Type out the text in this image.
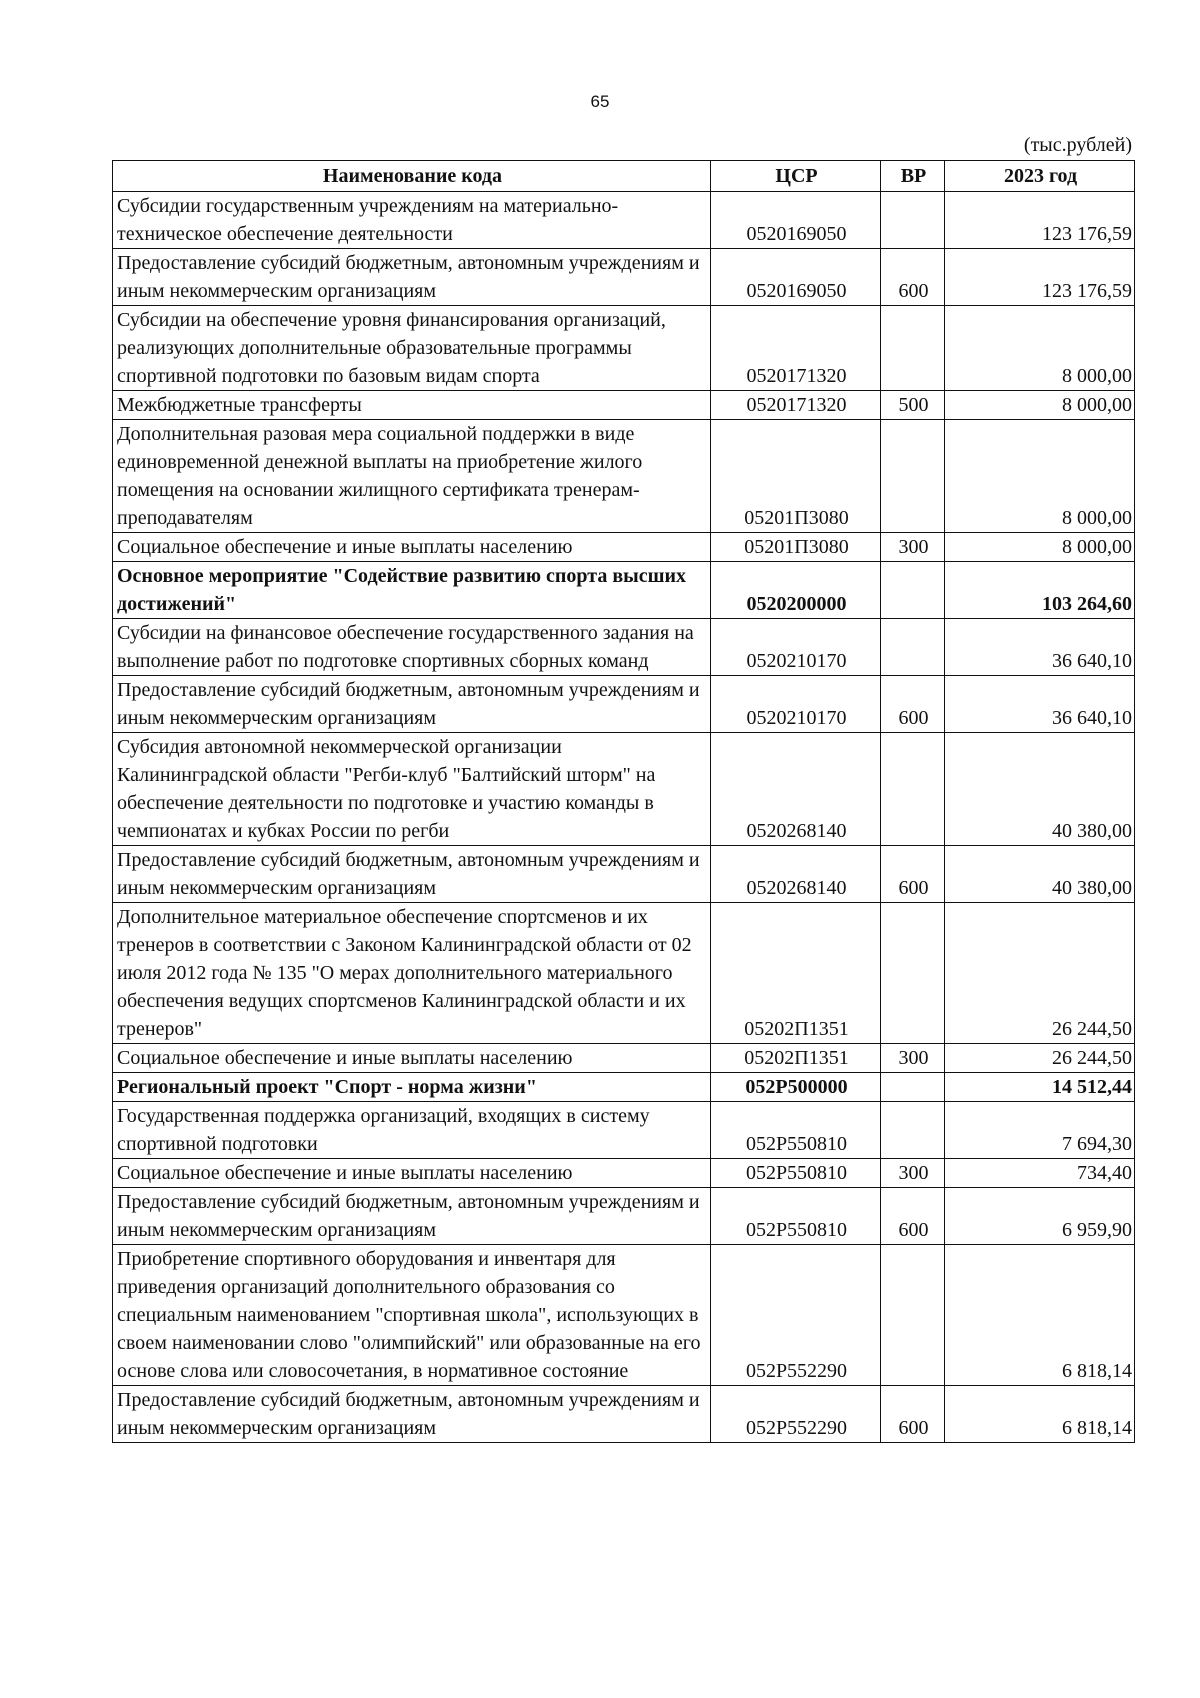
65
(тыс.рублей)
Наименование кода	ЦСР	ВР	2023 год
Субсидии государственным учреждениям на материально-техническое обеспечение деятельности	0520169050		123 176,59
Предоставление субсидий бюджетным, автономным учреждениям и иным некоммерческим организациям	0520169050	600	123 176,59
Субсидии на обеспечение уровня финансирования организаций, реализующих дополнительные образовательные программы спортивной подготовки по базовым видам спорта	0520171320		8 000,00
Межбюджетные трансферты	0520171320	500	8 000,00
Дополнительная разовая мера социальной поддержки в виде единовременной денежной выплаты на приобретение жилого помещения на основании жилищного сертификата тренерам-преподавателям	05201П3080		8 000,00
Социальное обеспечение и иные выплаты населению	05201П3080	300	8 000,00
Основное мероприятие "Содействие развитию спорта высших достижений"	0520200000		103 264,60
Субсидии на финансовое обеспечение государственного задания на выполнение работ по подготовке спортивных сборных команд	0520210170		36 640,10
Предоставление субсидий бюджетным, автономным учреждениям и иным некоммерческим организациям	0520210170	600	36 640,10
Субсидия автономной некоммерческой организации Калининградской области "Регби-клуб "Балтийский шторм" на обеспечение деятельности по подготовке и участию команды в чемпионатах и кубках России по регби	0520268140		40 380,00
Предоставление субсидий бюджетным, автономным учреждениям и иным некоммерческим организациям	0520268140	600	40 380,00
Дополнительное материальное обеспечение спортсменов и их тренеров в соответствии с Законом Калининградской области от 02 июля 2012 года № 135 "О мерах дополнительного материального обеспечения ведущих спортсменов Калининградской области и их тренеров"	05202П1351		26 244,50
Социальное обеспечение и иные выплаты населению	05202П1351	300	26 244,50
Региональный проект "Спорт - норма жизни"	052P500000		14 512,44
Государственная поддержка организаций, входящих в систему спортивной подготовки	052P550810		7 694,30
Социальное обеспечение и иные выплаты населению	052P550810	300	734,40
Предоставление субсидий бюджетным, автономным учреждениям и иным некоммерческим организациям	052P550810	600	6 959,90
Приобретение спортивного оборудования и инвентаря для приведения организаций дополнительного образования со специальным наименованием "спортивная школа", использующих в своем наименовании слово "олимпийский" или образованные на его основе слова или словосочетания, в нормативное состояние	052P552290		6 818,14
Предоставление субсидий бюджетным, автономным учреждениям и иным некоммерческим организациям	052P552290	600	6 818,14
